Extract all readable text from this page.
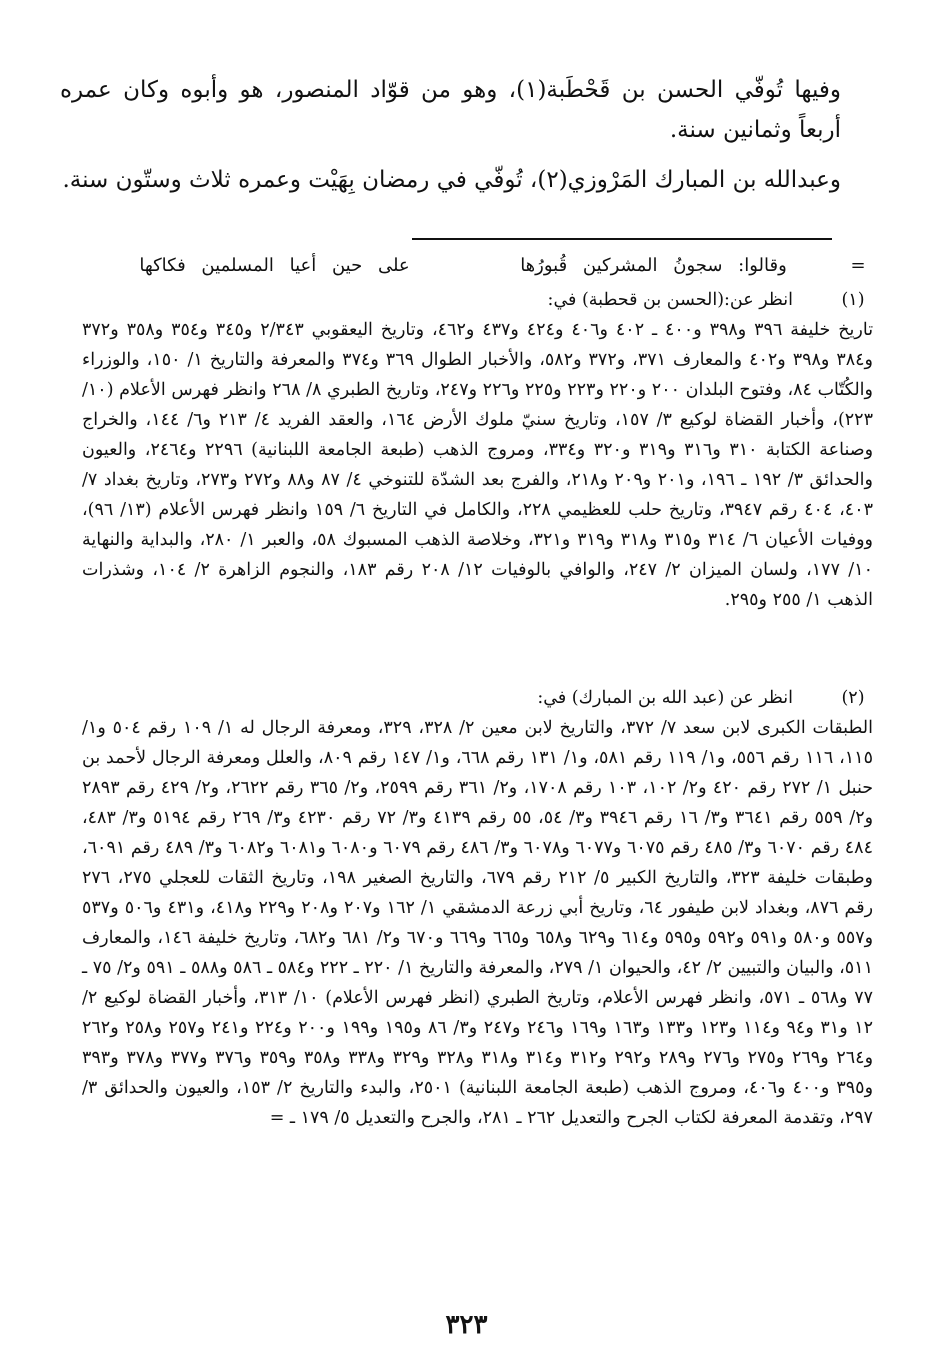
وفيها تُوفّي الحسن بن قَحْطَبة(١)، وهو من قوّاد المنصور، هو وأبوه وكان عمره أربعاً وثمانين سنة.

وعبدالله بن المبارك المَرْوزي(٢)، تُوفّي في رمضان بِهَيْت وعمره ثلاث وستّون سنة.

=
وقالوا: سجونُ المشركين قُبورُها
على حين أعيا المسلمين فكاكها
(١)
انظر عن:(الحسن بن قحطبة) في:
تاريخ خليفة ٣٩٦ و٣٩٨ و٤٠٠ ـ ٤٠٢ و٤٠٦ و٤٢٤ و٤٣٧ و٤٦٢، وتاريخ اليعقوبي ٢/٣٤٣ و٣٤٥ و٣٥٤ و٣٥٨ و٣٧٢ و٣٨٤ و٣٩٨ و٤٠٢ والمعارف ٣٧١، و٣٧٢ و٥٨٢، والأخبار الطوال ٣٦٩ و٣٧٤ والمعرفة والتاريخ ١/ ١٥٠، والوزراء والكُتّاب ٨٤، وفتوح البلدان ٢٠٠ و٢٢٠ و٢٢٣ و٢٢٥ و٢٢٦ و٢٤٧، وتاريخ الطبري ٨/ ٢٦٨ وانظر فهرس الأعلام (١٠/ ٢٢٣)، وأخبار القضاة لوكيع ٣/ ١٥٧، وتاريخ سنيّ ملوك الأرض ١٦٤، والعقد الفريد ٤/ ٢١٣ و٦/ ١٤٤، والخراج وصناعة الكتابة ٣١٠ و٣١٦ و٣١٩ و٣٢٠ و٣٣٤، ومروج الذهب (طبعة الجامعة اللبنانية) ٢٢٩٦ و٢٤٦٤، والعيون والحدائق ٣/ ١٩٢ ـ ١٩٦، و٢٠١ و٢٠٩ و٢١٨، والفرج بعد الشدّة للتنوخي ٤/ ٨٧ و٨٨ و٢٧٢ و٢٧٣، وتاريخ بغداد ٧/ ٤٠٣، ٤٠٤ رقم ٣٩٤٧، وتاريخ حلب للعظيمي ٢٢٨، والكامل في التاريخ ٦/ ١٥٩ وانظر فهرس الأعلام (١٣/ ٩٦)، ووفيات الأعيان ٦/ ٣١٤ و٣١٥ و٣١٨ و٣١٩ و٣٢١، وخلاصة الذهب المسبوك ٥٨، والعبر ١/ ٢٨٠، والبداية والنهاية ١٠/ ١٧٧، ولسان الميزان ٢/ ٢٤٧، والوافي بالوفيات ١٢/ ٢٠٨ رقم ١٨٣، والنجوم الزاهرة ٢/ ١٠٤، وشذرات الذهب ١/ ٢٥٥ و٢٩٥.
(٢)
انظر عن (عبد الله بن المبارك) في:
الطبقات الكبرى لابن سعد ٧/ ٣٧٢، والتاريخ لابن معين ٢/ ٣٢٨، ٣٢٩، ومعرفة الرجال له ١/ ١٠٩ رقم ٥٠٤ و١/ ١١٥، ١١٦ رقم ٥٥٦، و١/ ١١٩ رقم ٥٨١، و١/ ١٣١ رقم ٦٦٨، و١/ ١٤٧ رقم ٨٠٩، والعلل ومعرفة الرجال لأحمد بن حنبل ١/ ٢٧٢ رقم ٤٢٠ و٢/ ١٠٢، ١٠٣ رقم ١٧٠٨، و٢/ ٣٦١ رقم ٢٥٩٩، و٢/ ٣٦٥ رقم ٢٦٢٢، و٢/ ٤٢٩ رقم ٢٨٩٣ و٢/ ٥٥٩ رقم ٣٦٤١ و٣/ ١٦ رقم ٣٩٤٦ و٣/ ٥٤، ٥٥ رقم ٤١٣٩ و٣/ ٧٢ رقم ٤٢٣٠ و٣/ ٢٦٩ رقم ٥١٩٤ و٣/ ٤٨٣، ٤٨٤ رقم ٦٠٧٠ و٣/ ٤٨٥ رقم ٦٠٧٥ و٦٠٧٧ و٦٠٧٨ و٣/ ٤٨٦ رقم ٦٠٧٩ و٦٠٨٠ و٦٠٨١ و٦٠٨٢ و٣/ ٤٨٩ رقم ٦٠٩١، وطبقات خليفة ٣٢٣، والتاريخ الكبير ٥/ ٢١٢ رقم ٦٧٩، والتاريخ الصغير ١٩٨، وتاريخ الثقات للعجلي ٢٧٥، ٢٧٦ رقم ٨٧٦، وبغداد لابن طيفور ٦٤، وتاريخ أبي زرعة الدمشقي ١/ ١٦٢ و٢٠٧ و٢٠٨ و٢٢٩ و٤١٨، و٤٣١ و٥٠٦ و٥٣٧ و٥٥٧ و٥٨٠ و٥٩١ و٥٩٢ و٥٩٥ و٦١٤ و٦٢٩ و٦٥٨ و٦٦٥ و٦٦٩ و٦٧٠ و٢/ ٦٨١ و٦٨٢، وتاريخ خليفة ١٤٦، والمعارف ٥١١، والبيان والتبيين ٢/ ٤٢، والحيوان ١/ ٢٧٩، والمعرفة والتاريخ ١/ ٢٢٠ ـ ٢٢٢ و٥٨٤ ـ ٥٨٦ و٥٨٨ ـ ٥٩١ و٢/ ٧٥ ـ ٧٧ و٥٦٨ ـ ٥٧١، وانظر فهرس الأعلام، وتاريخ الطبري (انظر فهرس الأعلام) ١٠/ ٣١٣، وأخبار القضاة لوكيع ٢/ ١٢ و٣١ و٩٤ و١١٤ و١٢٣ و١٣٣ و١٦٣ و١٦٩ و٢٤٦ و٢٤٧ و٣/ ٨٦ و١٩٥ و١٩٩ و٢٠٠ و٢٢٤ و٢٤١ و٢٥٧ و٢٥٨ و٢٦٢ و٢٦٤ و٢٦٩ و٢٧٥ و٢٧٦ و٢٨٩ و٢٩٢ و٣١٢ و٣١٤ و٣١٨ و٣٢٨ و٣٢٩ و٣٣٨ و٣٥٨ و٣٥٩ و٣٧٦ و٣٧٧ و٣٧٨ و٣٩٣ و٣٩٥ و٤٠٠ و٤٠٦، ومروج الذهب (طبعة الجامعة اللبنانية) ٢٥٠١، والبدء والتاريخ ٢/ ١٥٣، والعيون والحدائق ٣/ ٢٩٧، وتقدمة المعرفة لكتاب الجرح والتعديل ٢٦٢ ـ ٢٨١، والجرح والتعديل ٥/ ١٧٩ ـ =
٣٢٣
